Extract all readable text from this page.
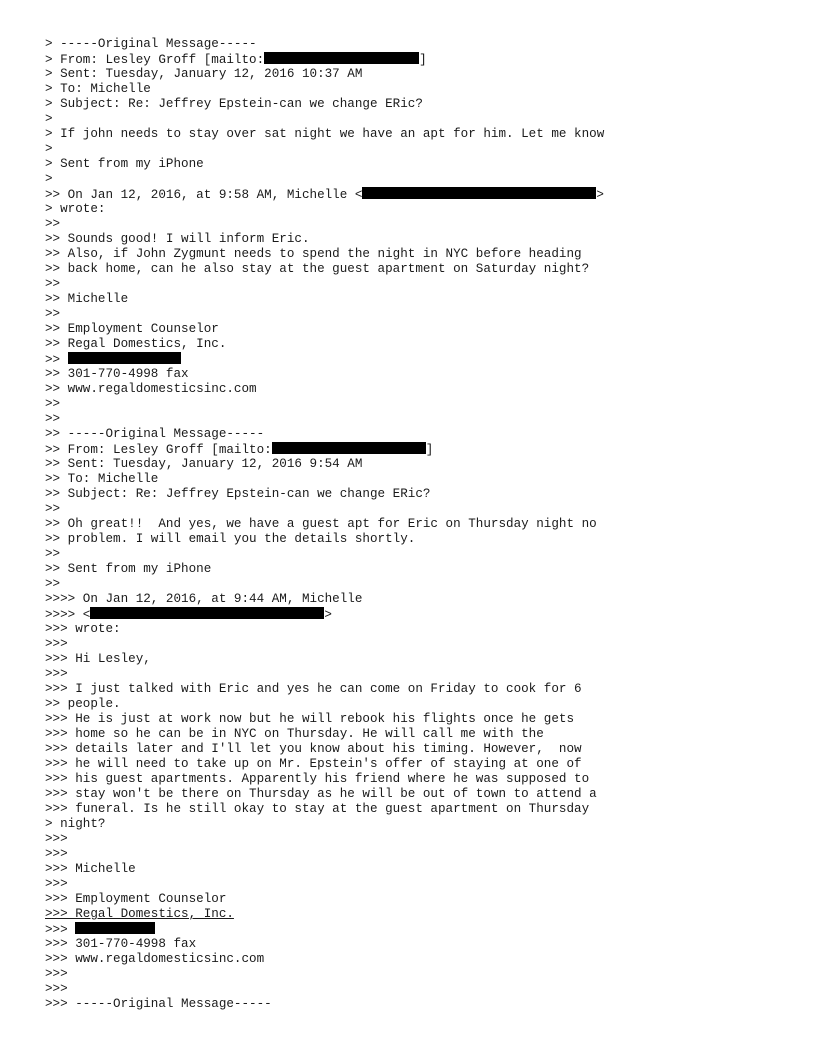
> -----Original Message-----
> From: Lesley Groff [mailto:	]
> Sent: Tuesday, January 12, 2016 10:37 AM
> To: Michelle
> Subject: Re: Jeffrey Epstein-can we change ERic?
>
> If john needs to stay over sat night we have an apt for him. Let me know
>
> Sent from my iPhone
>
>> On Jan 12, 2016, at 9:58 AM, Michelle <	>
> wrote:
>>
>> Sounds good! I will inform Eric.
>> Also, if John Zygmunt needs to spend the night in NYC before heading
>> back home, can he also stay at the guest apartment on Saturday night?
>>
>> Michelle
>>
>> Employment Counselor
>> Regal Domestics, Inc.
>>
>> 301-770-4998 fax
>> www.regaldomesticsinc.com
>>
>>
>> -----Original Message-----
>> From: Lesley Groff [mailto:	]
>> Sent: Tuesday, January 12, 2016 9:54 AM
>> To: Michelle
>> Subject: Re: Jeffrey Epstein-can we change ERic?
>>
>> Oh great!!  And yes, we have a guest apt for Eric on Thursday night no
>> problem. I will email you the details shortly.
>>
>> Sent from my iPhone
>>
>>>> On Jan 12, 2016, at 9:44 AM, Michelle
>>>> <	>
>>> wrote:
>>>
>>> Hi Lesley,
>>>
>>> I just talked with Eric and yes he can come on Friday to cook for 6
>> people.
>>> He is just at work now but he will rebook his flights once he gets
>>> home so he can be in NYC on Thursday. He will call me with the
>>> details later and I'll let you know about his timing. However,  now
>>> he will need to take up on Mr. Epstein's offer of staying at one of
>>> his guest apartments. Apparently his friend where he was supposed to
>>> stay won't be there on Thursday as he will be out of town to attend a
>>> funeral. Is he still okay to stay at the guest apartment on Thursday
> night?
>>>
>>>
>>> Michelle
>>>
>>> Employment Counselor
>>> Regal Domestics, Inc.
>>>
>>> 301-770-4998 fax
>>> www.regaldomesticsinc.com
>>>
>>>
>>> -----Original Message-----
